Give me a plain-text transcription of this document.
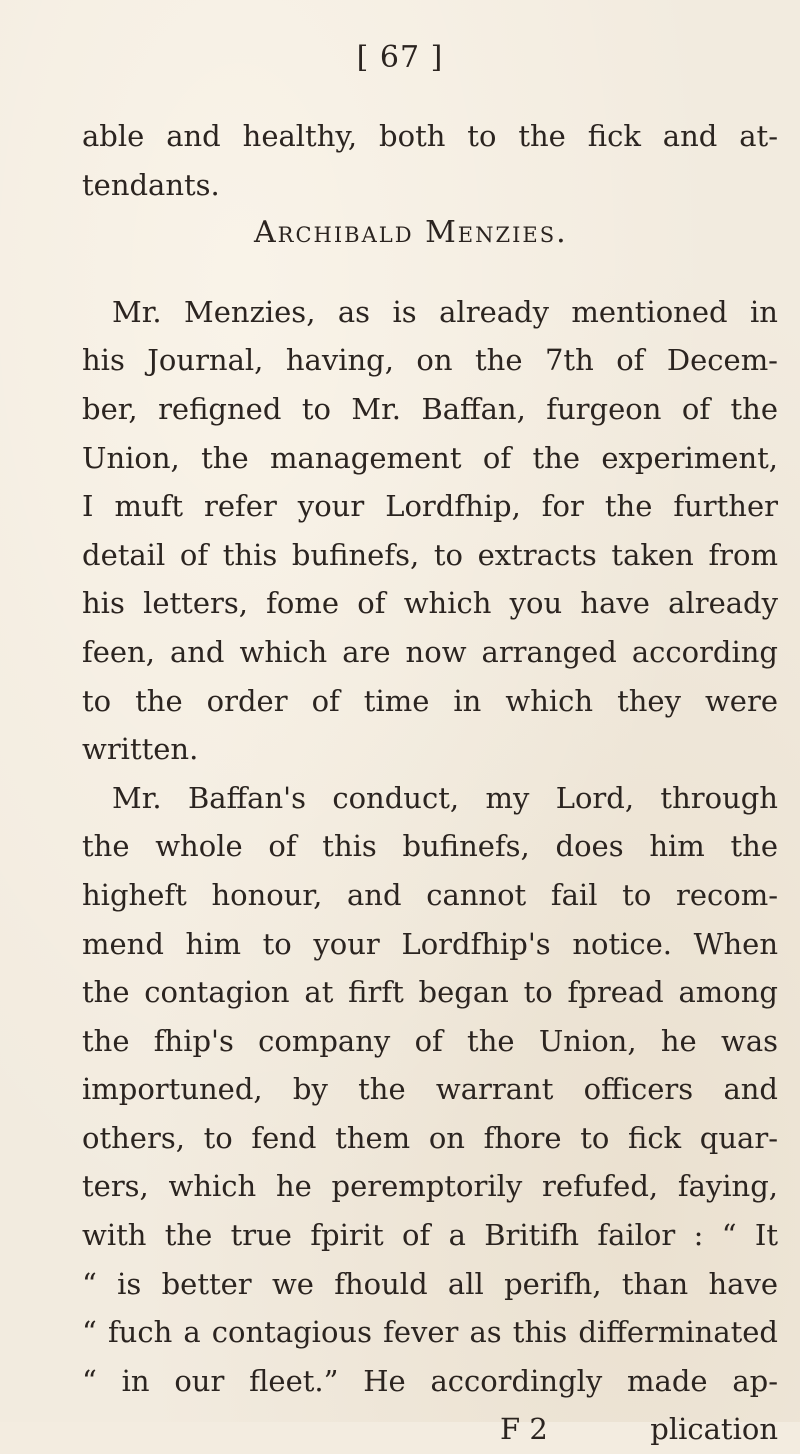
[ 67 ]
able and healthy, both to the fick and at-
tendants.
Archibald Menzies.
Mr. Menzies, as is already mentioned in
his Journal, having, on the 7th of Decem-
ber, refigned to Mr. Baffan, furgeon of the
Union, the management of the experiment,
I muft refer your Lordfhip, for the further
detail of this bufinefs, to extracts taken from
his letters, fome of which you have already
feen, and which are now arranged according
to the order of time in which they were
written.
Mr. Baffan's conduct, my Lord, through
the whole of this bufinefs, does him the
higheft honour, and cannot fail to recom-
mend him to your Lordfhip's notice. When
the contagion at firft began to fpread among
the fhip's company of the Union, he was
importuned, by the warrant officers and
others, to fend them on fhore to fick quar-
ters, which he peremptorily refufed, faying,
with the true fpirit of a Britifh failor : “ It
“ is better we fhould all perifh, than have
“ fuch a contagious fever as this differminated
“ in our fleet.” He accordingly made ap-
F 2	plication
